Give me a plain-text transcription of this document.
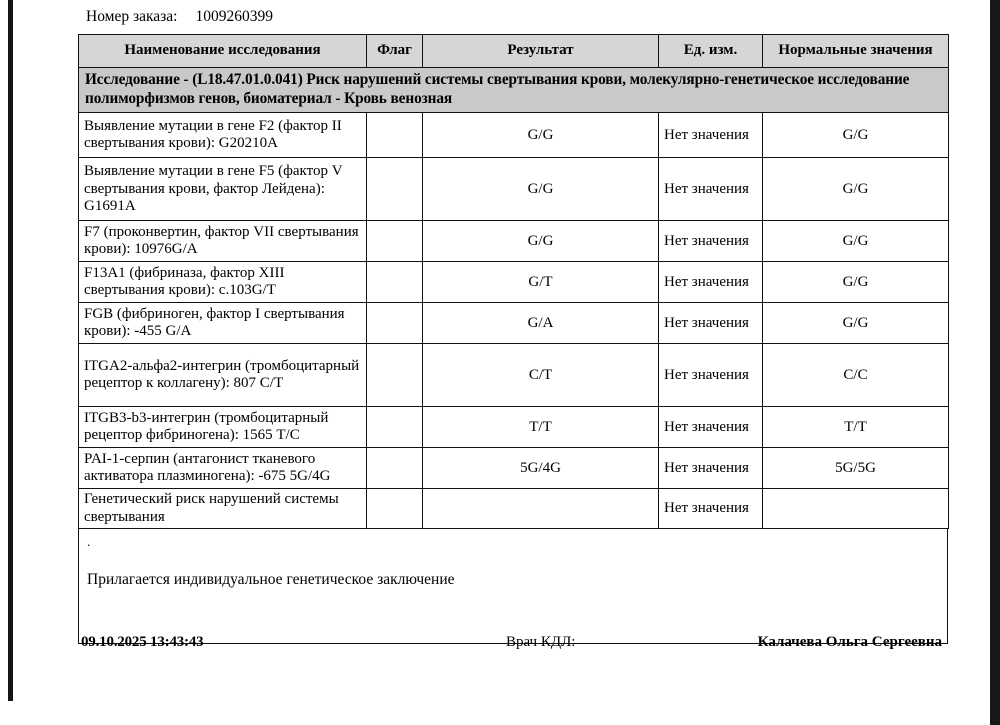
Номер заказа: 1009260399
Наименование исследования	Флаг	Результат	Ед. изм.	Нормальные значения
Исследование - (L18.47.01.0.041) Риск нарушений системы свертывания крови, молекулярно-генетическое исследование полиморфизмов генов, биоматериал - Кровь венозная				
Выявление мутации в гене F2 (фактор II свертывания крови): G20210A		G/G	Нет значения	G/G
Выявление мутации в гене F5 (фактор V свертывания крови, фактор Лейдена): G1691A		G/G	Нет значения	G/G
F7 (проконвертин, фактор VII свертывания крови): 10976G/A		G/G	Нет значения	G/G
F13A1 (фибриназа, фактор XIII свертывания крови): c.103G/T		G/T	Нет значения	G/G
FGB (фибриноген, фактор I свертывания крови): -455 G/A		G/A	Нет значения	G/G
ITGA2-альфа2-интегрин (тромбоцитарный рецептор к коллагену): 807 C/T		C/T	Нет значения	C/C
ITGB3-b3-интегрин (тромбоцитарный рецептор фибриногена): 1565 T/C		T/T	Нет значения	T/T
PAI-1-серпин (антагонист тканевого активатора плазминогена): -675 5G/4G		5G/4G	Нет значения	5G/5G
Генетический риск нарушений системы свертывания			Нет значения	
.
Прилагается индивидуальное генетическое заключение
09.10.2025 13:43:43	Врач КДЛ:	Калачева Ольга Сергеевна
